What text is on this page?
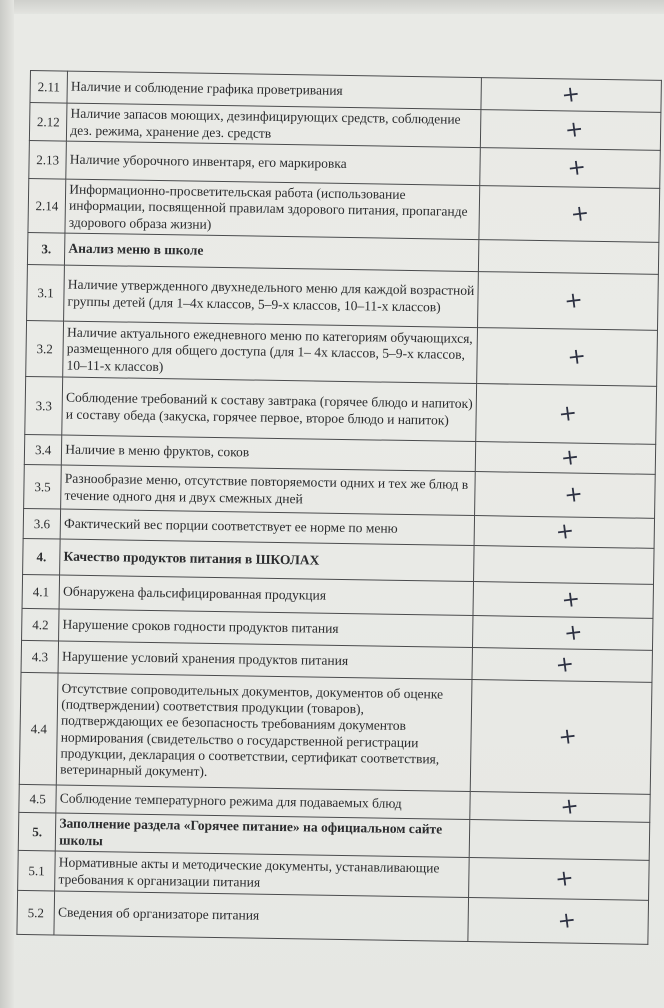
2.11	Наличие и соблюдение графика проветривания	+
2.12	Наличие запасов моющих, дезинфицирующих средств, соблюдение дез. режима, хранение дез. средств	+
2.13	Наличие уборочного инвентаря, его маркировка	+
2.14	Информационно-просветительская работа (использование информации, посвященной правилам здорового питания, пропаганде здорового образа жизни)	+
3.	Анализ меню в школе	
3.1	Наличие утвержденного двухнедельного меню для каждой возрастной группы детей (для 1–4х классов, 5–9-х классов, 10–11-х классов)	+
3.2	Наличие актуального ежедневного меню по категориям обучающихся, размещенного для общего доступа (для 1– 4х классов, 5–9-х классов, 10–11-х классов)	+
3.3	Соблюдение требований к составу завтрака (горячее блюдо и напиток) и составу обеда (закуска, горячее первое, второе блюдо и напиток)	+
3.4	Наличие в меню фруктов, соков	+
3.5	Разнообразие меню, отсутствие повторяемости одних и тех же блюд в течение одного дня и двух смежных дней	+
3.6	Фактический вес порции соответствует ее норме по меню	+
4.	Качество продуктов питания в ШКОЛАХ	
4.1	Обнаружена фальсифицированная продукция	+
4.2	Нарушение сроков годности продуктов питания	+
4.3	Нарушение условий хранения продуктов питания	+
4.4	Отсутствие сопроводительных документов, документов об оценке (подтверждении) соответствия продукции (товаров), подтверждающих ее безопасность требованиям документов нормирования (свидетельство о государственной регистрации продукции, декларация о соответствии, сертификат соответствия, ветеринарный документ).	+
4.5	Соблюдение температурного режима для подаваемых блюд	+
5.	Заполнение раздела «Горячее питание» на официальном сайте школы	
5.1	Нормативные акты и методические документы, устанавливающие требования к организации питания	+
5.2	Сведения об организаторе питания	+
